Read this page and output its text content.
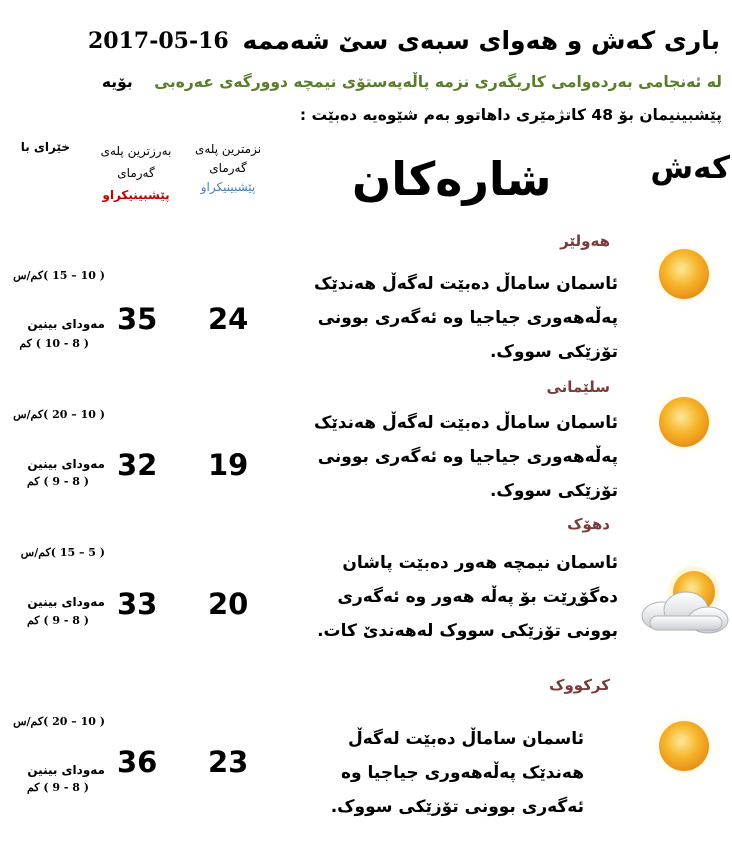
باری کەش و هەوای سبەی سێ شەممە
2017-05-16
لە ئەنجامی بەردەوامی کاریگەری نزمە پاڵەپەستۆی نیمچە دوورگەی عەرەبی    بۆیە
پێشبینیمان بۆ 48 کاتژمێری داهاتوو بەم شێوەیە دەبێت :
کەش
شارەکان
نزمترین پلەی
گەرمای
پێشبینیکراو
بەرزترین پلەی
گەرمای
پێشبینیکراو
خێرای با
هەولێر
ئاسمان ساماڵ دەبێت لەگەڵ هەندێک پەڵەهەوری جیاجیا وە ئەگەری بوونی تۆزێکی سووک.
24
35
( 10 – 15 )کم/س
مەودای بینین
( 8 - 10 ) کم
سلێمانی
ئاسمان ساماڵ دەبێت لەگەڵ هەندێک پەڵەهەوری جیاجیا وە ئەگەری بوونی تۆزێکی سووک.
19
32
( 10 – 20 )کم/س
مەودای بینین
( 8 - 9 ) کم
دهۆک
ئاسمان نیمچە هەور دەبێت پاشان دەگۆڕێت بۆ پەڵە هەور وە ئەگەری بوونی تۆزێکی سووک لەهەندێ کات.
20
33
( 5 – 15 )کم/س
مەودای بینین
( 8 - 9 ) کم
کرکووک
ئاسمان ساماڵ دەبێت لەگەڵ هەندێک پەڵەهەوری جیاجیا وە ئەگەری بوونی تۆزێکی سووک.
23
36
( 10 – 20 )کم/س
مەودای بینین
( 8 - 9 ) کم
